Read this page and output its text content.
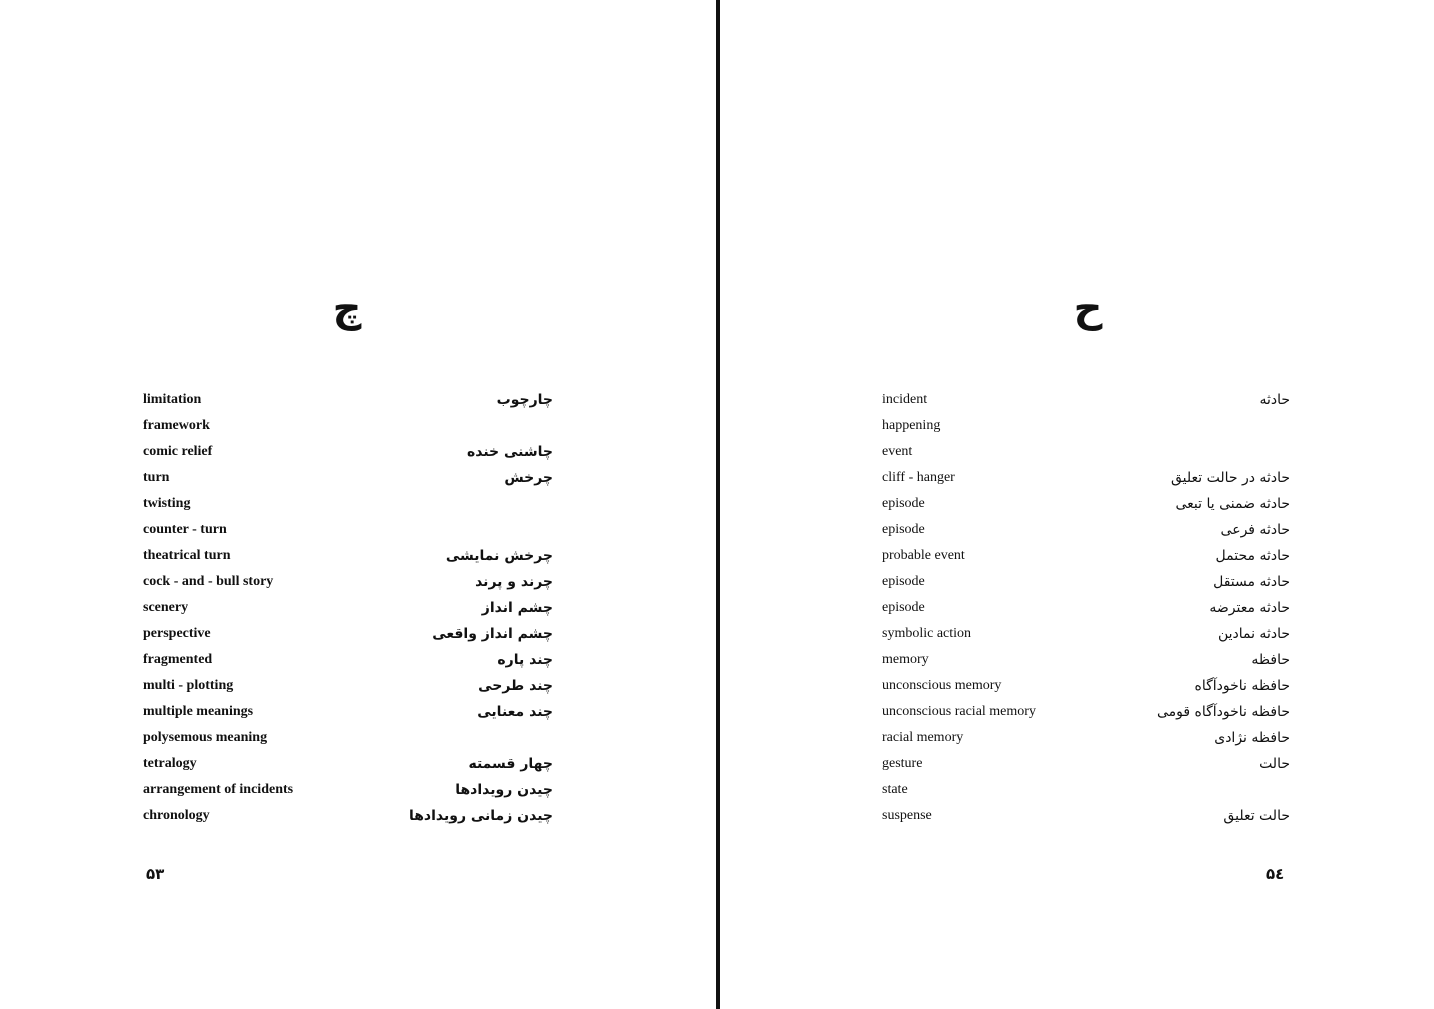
چ
limitation	چارچوب
framework
comic relief	چاشنی خنده
turn	چرخش
twisting
counter - turn
theatrical turn	چرخش نمایشی
cock - and - bull story	چرند و پرند
scenery	چشم انداز
perspective	چشم انداز واقعی
fragmented	چند پاره
multi - plotting	چند طرحی
multiple meanings	چند معنایی
polysemous meaning
tetralogy	چهار قسمته
arrangement of incidents	چیدن رویدادها
chronology	چیدن زمانی رویدادها
۵۳
ح
incident	حادثه
happening
event
cliff - hanger	حادثه در حالت تعلیق
episode	حادثه ضمنی یا تبعی
episode	حادثه فرعی
probable event	حادثه محتمل
episode	حادثه مستقل
episode	حادثه معترضه
symbolic action	حادثه نمادین
memory	حافظه
unconscious memory	حافظه ناخودآگاه
unconscious racial memory	حافظه ناخودآگاه قومی
racial memory	حافظه نژادی
gesture	حالت
state
suspense	حالت تعلیق
۵٤
